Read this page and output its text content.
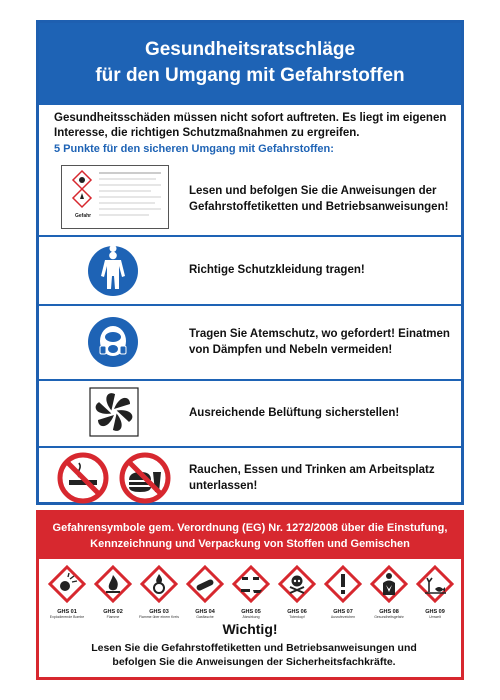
Gesundheitsratschläge
für den Umgang mit Gefahrstoffen
Gesundheitsschäden müssen nicht sofort auftreten. Es liegt im eigenen Interesse, die richtigen Schutzmaßnahmen zu ergreifen.
5 Punkte für den sicheren Umgang mit Gefahrstoffen:
Gefahr
Lesen und befolgen Sie die Anweisungen der Gefahrstoffetiketten und Betriebsanweisungen!
Richtige Schutzkleidung tragen!
Tragen Sie Atemschutz, wo gefordert! Einatmen von Dämpfen und Nebeln vermeiden!
Ausreichende Belüftung sicherstellen!
Rauchen, Essen und Trinken am Arbeitsplatz unterlassen!
Gefahrensymbole gem. Verordnung (EG) Nr. 1272/2008 über die Einstufung,
Kennzeichnung und Verpackung von Stoffen und Gemischen
GHS 01
Explodierende Bombe
GHS 02
Flamme
GHS 03
Flamme über einem Kreis
GHS 04
Gasflasche
GHS 05
Ätzwirkung
GHS 06
Totenkopf
GHS 07
Ausrufezeichen
GHS 08
Gesundheitsgefahr
GHS 09
Umwelt
Wichtig!
Lesen Sie die Gefahrstoffetiketten und Betriebsanweisungen und befolgen Sie die Anweisungen der Sicherheitsfachkräfte.
